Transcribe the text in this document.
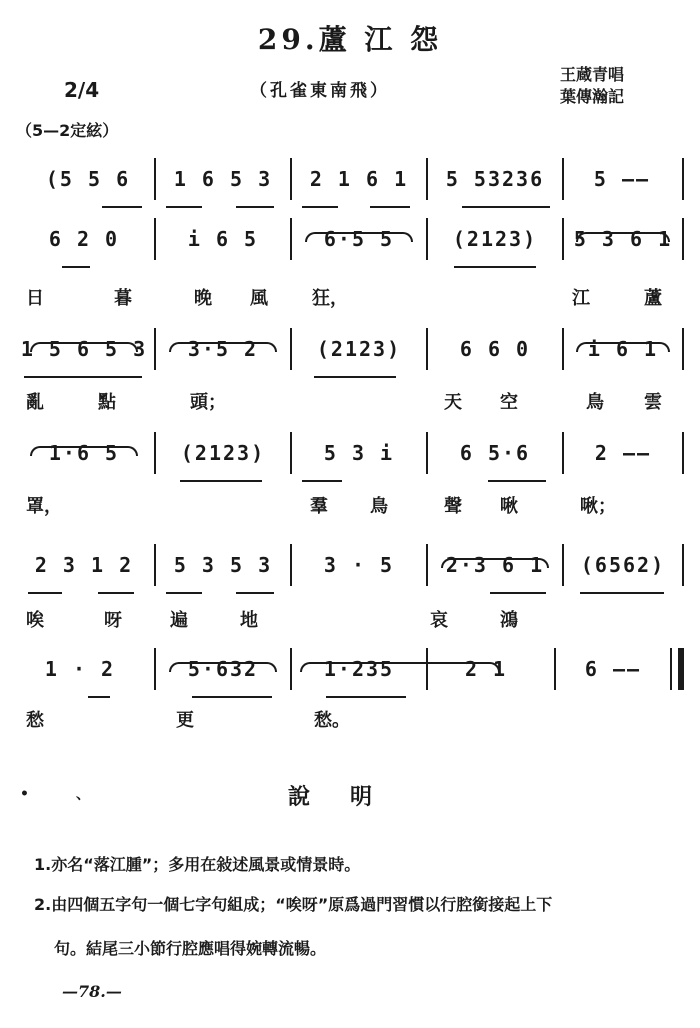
29.蘆 江 怨
2/4	（孔雀東南飛）
王蔵青唱
葉傳瀚記
（5—2定絃）
(5 5 6	1 6 5 3	2 1 6 1	5 53236	5 ——
6 2 0	i 6 5	6·5 5	(2123)	5 3 6 1
日	暮	晚 風 狂，	江	蘆
1 5 6 5 3	3·5 2	(2123)	6 6 0	i 6 1
亂	點	頭；	天 空	鳥 雲
1·6 5	(2123)	5 3 i	6 5·6	2 ——
罩，	羣 鳥	聲 啾	啾；
2 3 1 2	5 3 5 3	3 · 5	2·3 6 1	(6562)
唉	呀	遍	地	哀	鴻
1 · 2	5·632	1·235	2 1	6 ——
愁	更	愁。
•	、	說明
1.亦名“落江腫”；多用在敍述風景或情景時。
2.由四個五字句一個七字句組成；“唉呀”原爲過門習慣以行腔銜接起上下
句。結尾三小節行腔應唱得婉轉流暢。
—78.—
